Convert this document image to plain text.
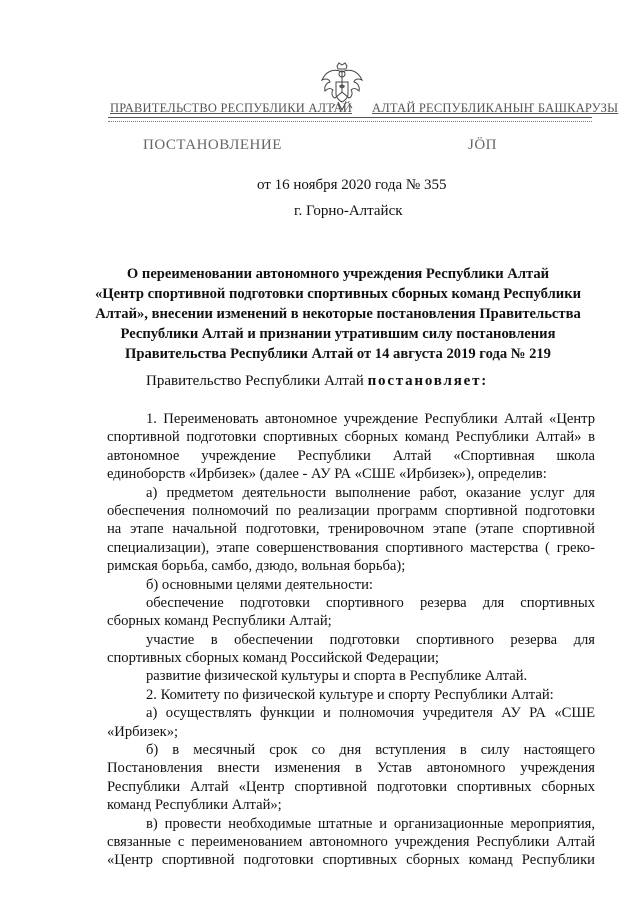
ПРАВИТЕЛЬСТВО РЕСПУБЛИКИ АЛТАЙ АЛТАЙ РЕСПУБЛИКАНЫҤ БАШКАРУЗЫ
ПОСТАНОВЛЕНИЕ	JÖП
от 16 ноября 2020 года № 355
г. Горно-Алтайск
О переименовании автономного учреждения Республики Алтай
«Центр спортивной подготовки спортивных сборных команд Республики
Алтай», внесении изменений в некоторые постановления Правительства
Республики Алтай и признании утратившим силу постановления
Правительства Республики Алтай от 14 августа 2019 года № 219
Правительство Республики Алтай постановляет:
1. Переименовать автономное учреждение Республики Алтай «Центр
спортивной подготовки спортивных сборных команд Республики Алтай» в
автономное учреждение Республики Алтай «Спортивная школа
единоборств «Ирбизек» (далее - АУ РА «СШЕ «Ирбизек»), определив:
а) предметом деятельности выполнение работ, оказание услуг для
обеспечения полномочий по реализации программ спортивной подготовки
на этапе начальной подготовки, тренировочном этапе (этапе спортивной
специализации), этапе совершенствования спортивного мастерства ( греко-
римская борьба, самбо, дзюдо, вольная борьба);
б) основными целями деятельности:
обеспечение подготовки спортивного резерва для спортивных
сборных команд Республики Алтай;
участие в обеспечении подготовки спортивного резерва для
спортивных сборных команд Российской Федерации;
развитие физической культуры и спорта в Республике Алтай.
2. Комитету по физической культуре и спорту Республики Алтай:
а) осуществлять функции и полномочия учредителя АУ РА «СШЕ
«Ирбизек»;
б) в месячный срок со дня вступления в силу настоящего
Постановления внести изменения в Устав автономного учреждения
Республики Алтай «Центр спортивной подготовки спортивных сборных
команд Республики Алтай»;
в) провести необходимые штатные и организационные мероприятия,
связанные с переименованием автономного учреждения Республики Алтай
«Центр спортивной подготовки спортивных сборных команд Республики
